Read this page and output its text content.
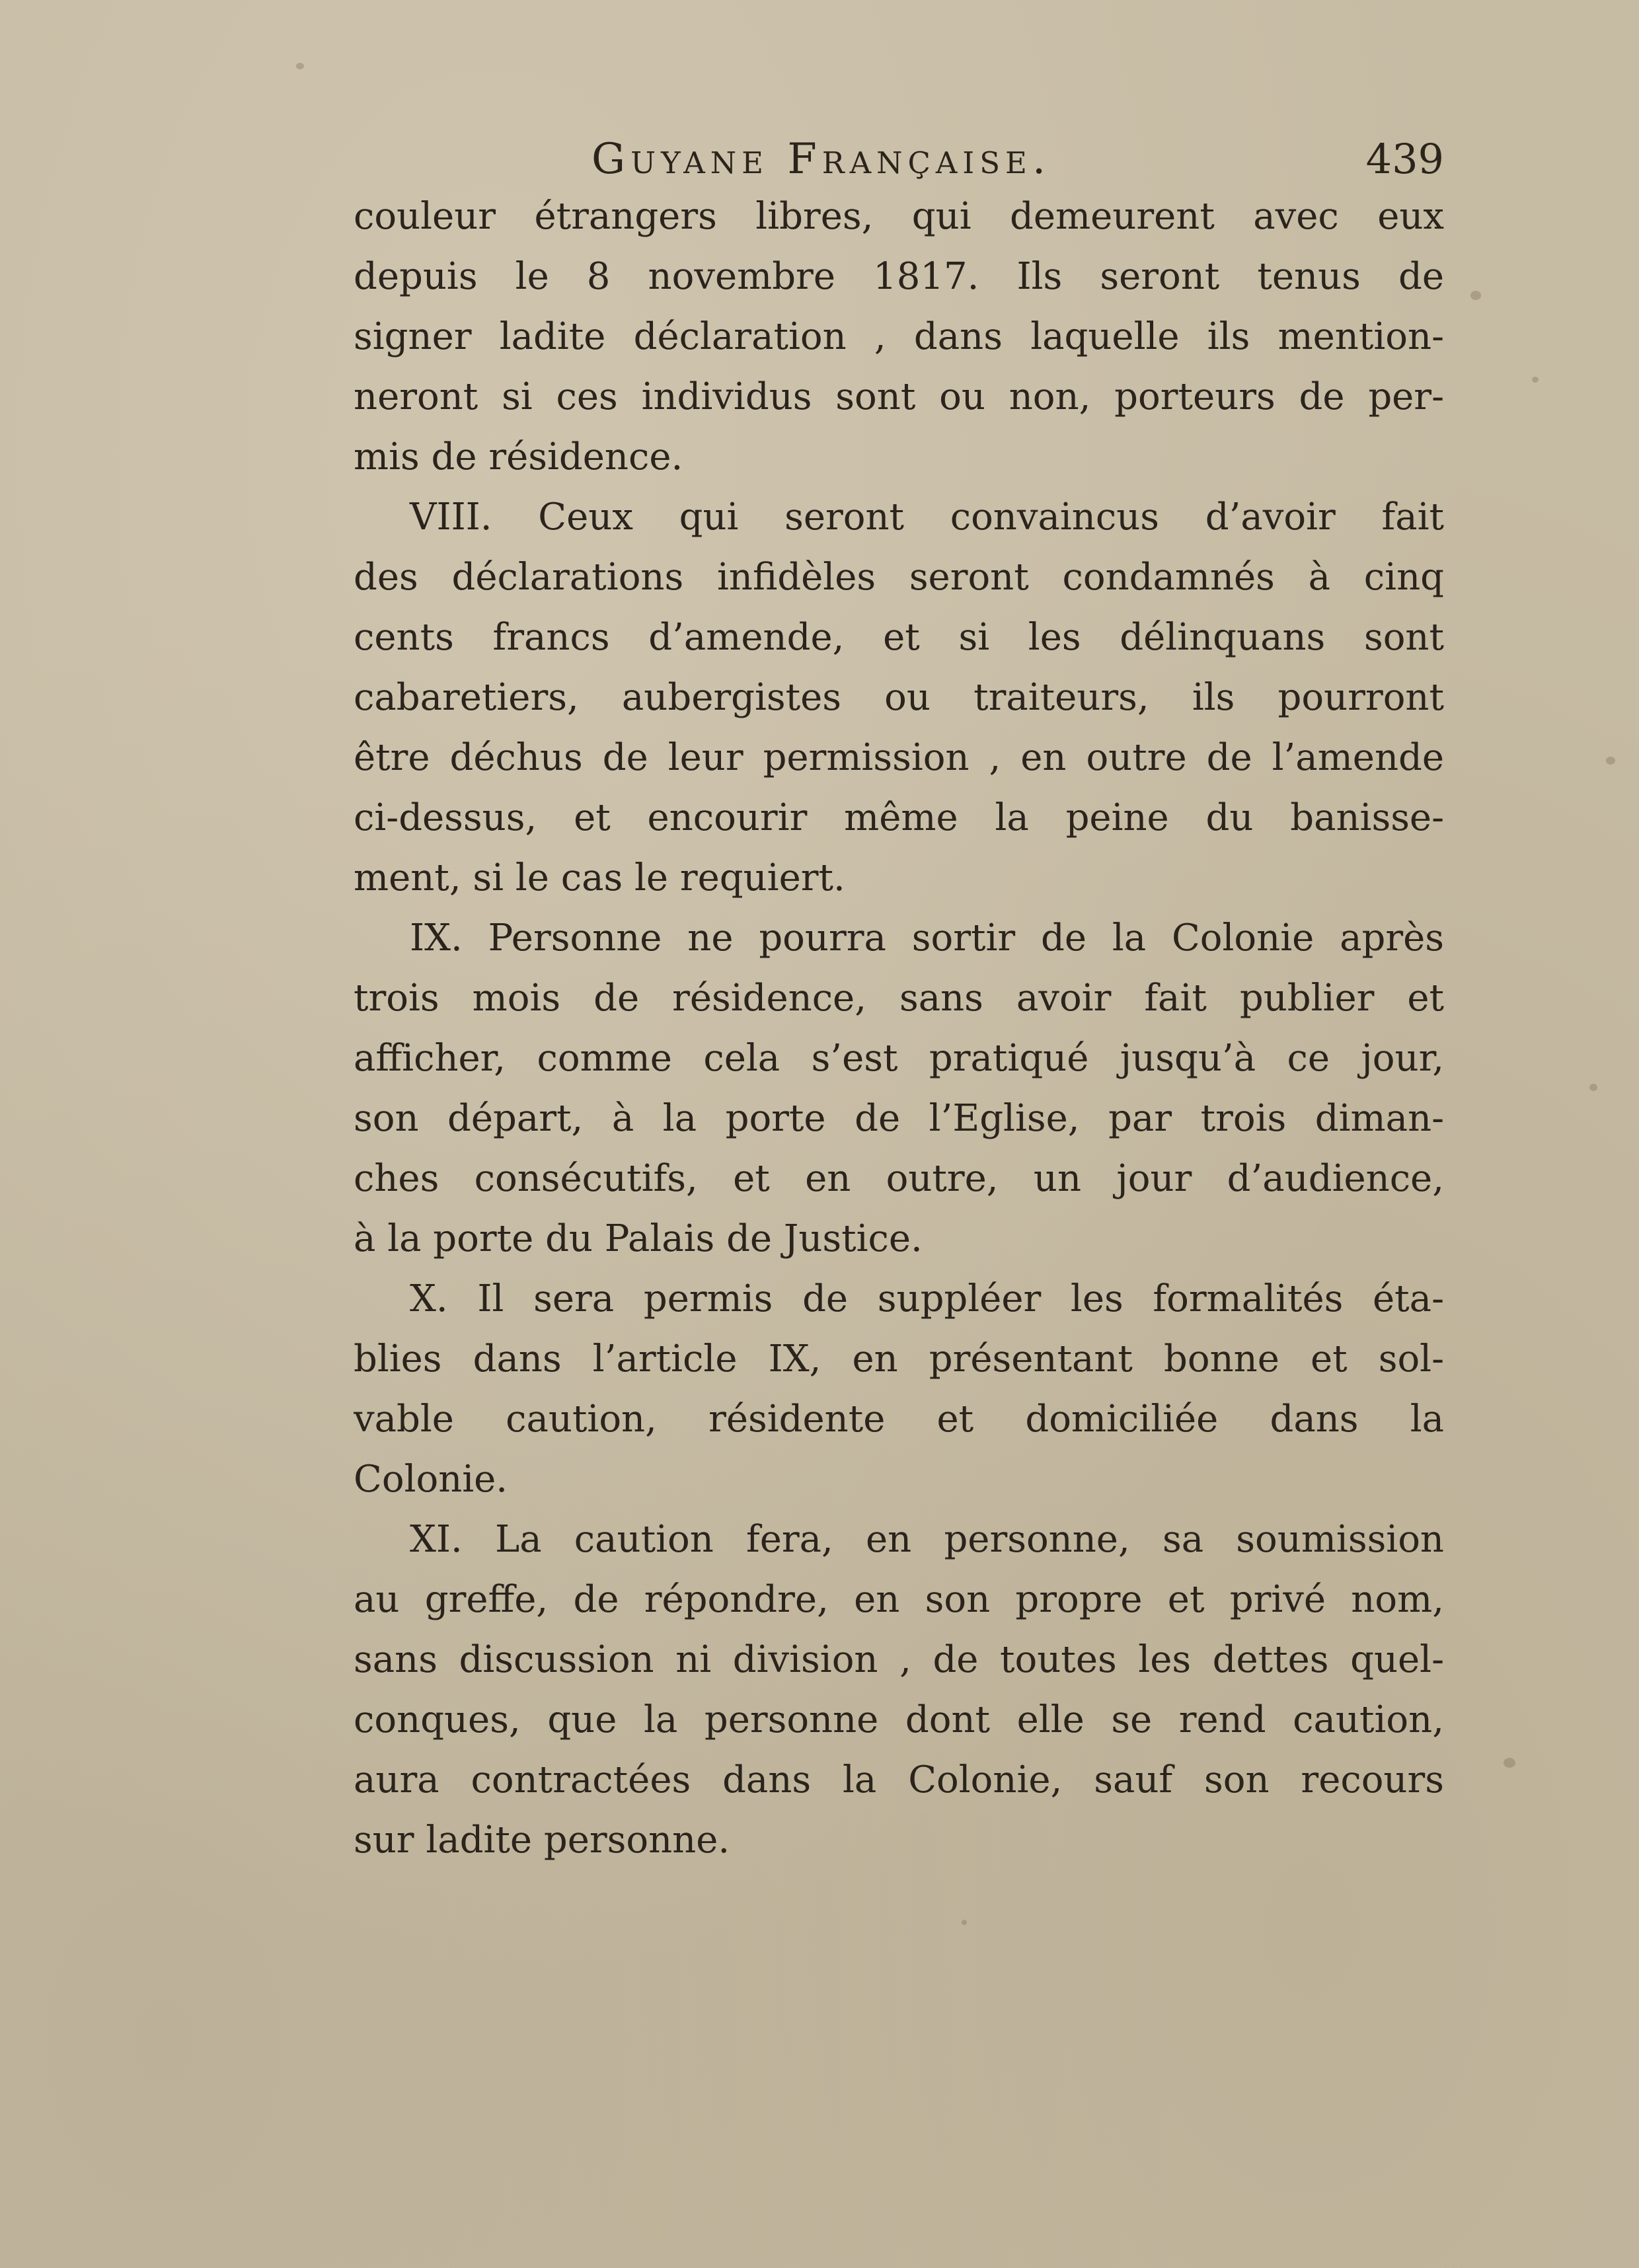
Guyane Française.	439
couleur étrangers libres, qui demeurent avec eux
depuis le 8 novembre 1817. Ils seront tenus de
signer ladite déclaration , dans laquelle ils mention-
neront si ces individus sont ou non, porteurs de per-
mis de résidence.
VIII. Ceux qui seront convaincus d’avoir fait
des déclarations infidèles seront condamnés à cinq
cents francs d’amende, et si les délinquans sont
cabaretiers, aubergistes ou traiteurs, ils pourront
être déchus de leur permission , en outre de l’amende
ci-dessus, et encourir même la peine du banisse-
ment, si le cas le requiert.
IX. Personne ne pourra sortir de la Colonie après
trois mois de résidence, sans avoir fait publier et
afficher, comme cela s’est pratiqué jusqu’à ce jour,
son départ, à la porte de l’Eglise, par trois diman-
ches consécutifs, et en outre, un jour d’audience,
à la porte du Palais de Justice.
X. Il sera permis de suppléer les formalités éta-
blies dans l’article IX, en présentant bonne et sol-
vable caution, résidente et domiciliée dans la
Colonie.
XI. La caution fera, en personne, sa soumission
au greffe, de répondre, en son propre et privé nom,
sans discussion ni division , de toutes les dettes quel-
conques, que la personne dont elle se rend caution,
aura contractées dans la Colonie, sauf son recours
sur ladite personne.
